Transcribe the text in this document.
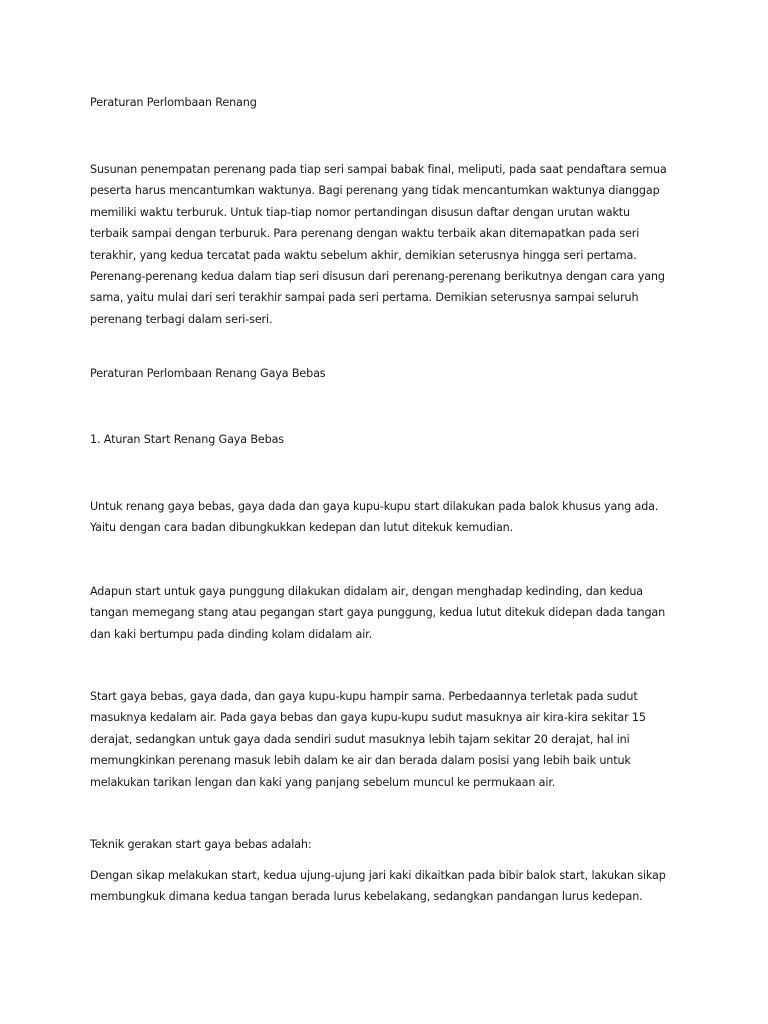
Peraturan Perlombaan Renang

Susunan penempatan perenang pada tiap seri sampai babak final, meliputi, pada saat pendaftara semua
peserta harus mencantumkan waktunya. Bagi perenang yang tidak mencantumkan waktunya dianggap
memiliki waktu terburuk. Untuk tiap-tiap nomor pertandingan disusun daftar dengan urutan waktu
terbaik sampai dengan terburuk. Para perenang dengan waktu terbaik akan ditemapatkan pada seri
terakhir, yang kedua tercatat pada waktu sebelum akhir, demikian seterusnya hingga seri pertama.
Perenang-perenang kedua dalam tiap seri disusun dari perenang-perenang berikutnya dengan cara yang
sama, yaitu mulai dari seri terakhir sampai pada seri pertama. Demikian seterusnya sampai seluruh
perenang terbagi dalam seri-seri.

Peraturan Perlombaan Renang Gaya Bebas

1. Aturan Start Renang Gaya Bebas

Untuk renang gaya bebas, gaya dada dan gaya kupu-kupu start dilakukan pada balok khusus yang ada.
Yaitu dengan cara badan dibungkukkan kedepan dan lutut ditekuk kemudian.

Adapun start untuk gaya punggung dilakukan didalam air, dengan menghadap kedinding, dan kedua
tangan memegang stang atau pegangan start gaya punggung, kedua lutut ditekuk didepan dada tangan
dan kaki bertumpu pada dinding kolam didalam air.

Start gaya bebas, gaya dada, dan gaya kupu-kupu hampir sama. Perbedaannya terletak pada sudut
masuknya kedalam air. Pada gaya bebas dan gaya kupu-kupu sudut masuknya air kira-kira sekitar 15
derajat, sedangkan untuk gaya dada sendiri sudut masuknya lebih tajam sekitar 20 derajat, hal ini
memungkinkan perenang masuk lebih dalam ke air dan berada dalam posisi yang lebih baik untuk
melakukan tarikan lengan dan kaki yang panjang sebelum muncul ke permukaan air.

Teknik gerakan start gaya bebas adalah:

Dengan sikap melakukan start, kedua ujung-ujung jari kaki dikaitkan pada bibir balok start, lakukan sikap
membungkuk dimana kedua tangan berada lurus kebelakang, sedangkan pandangan lurus kedepan.
